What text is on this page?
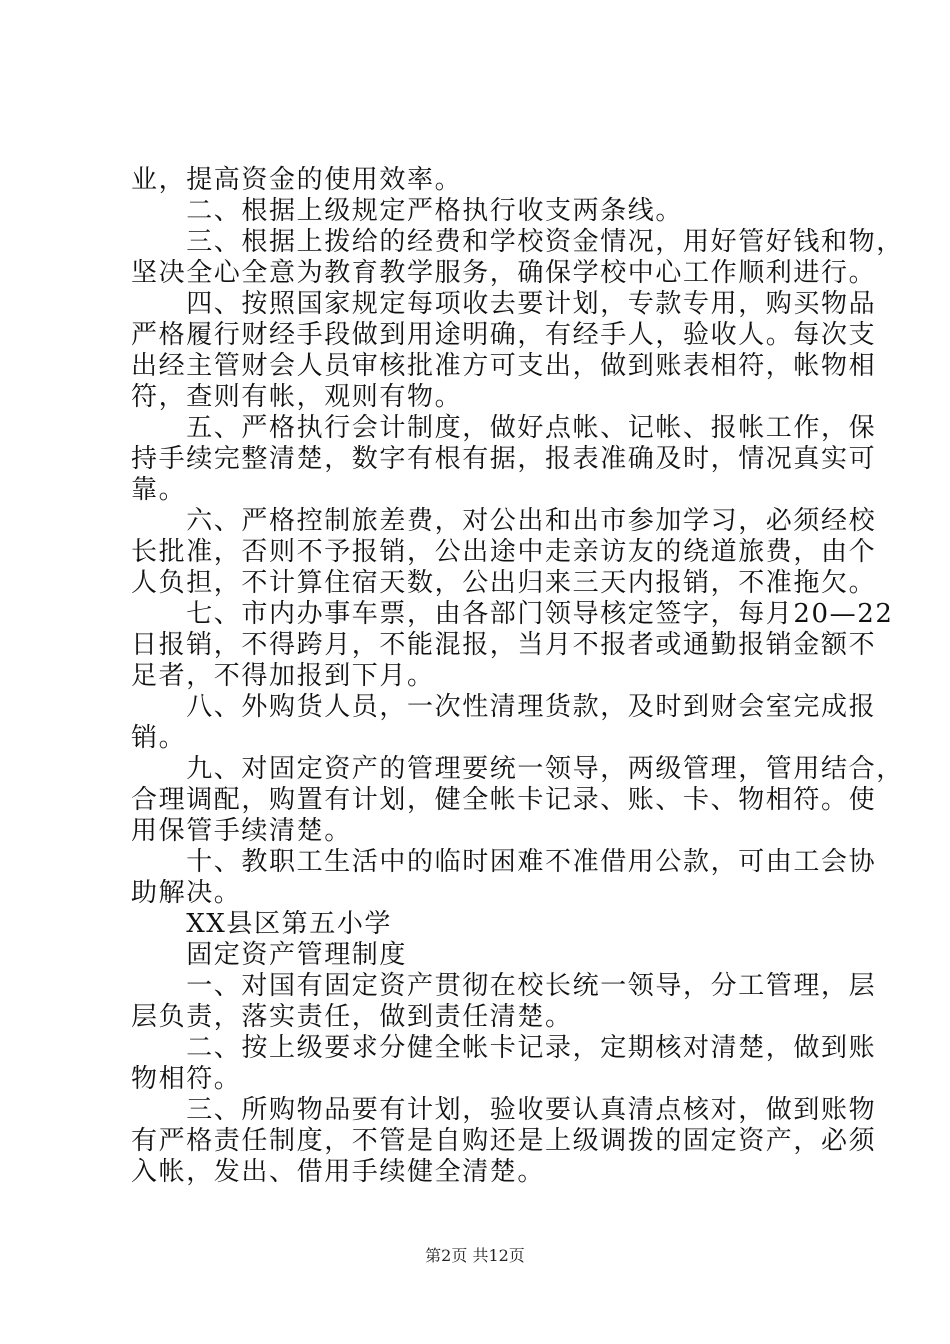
业，提高资金的使用效率。
　　二、根据上级规定严格执行收支两条线。
　　三、根据上拨给的经费和学校资金情况，用好管好钱和物，
坚决全心全意为教育教学服务，确保学校中心工作顺利进行。
　　四、按照国家规定每项收去要计划，专款专用，购买物品
严格履行财经手段做到用途明确，有经手人，验收人。每次支
出经主管财会人员审核批准方可支出，做到账表相符，帐物相
符，查则有帐，观则有物。
　　五、严格执行会计制度，做好点帐、记帐、报帐工作，保
持手续完整清楚，数字有根有据，报表准确及时，情况真实可
靠。
　　六、严格控制旅差费，对公出和出市参加学习，必须经校
长批准，否则不予报销，公出途中走亲访友的绕道旅费，由个
人负担，不计算住宿天数，公出归来三天内报销，不准拖欠。
　　七、市内办事车票，由各部门领导核定签字，每月20—22
日报销，不得跨月，不能混报，当月不报者或通勤报销金额不
足者，不得加报到下月。
　　八、外购货人员，一次性清理货款，及时到财会室完成报
销。
　　九、对固定资产的管理要统一领导，两级管理，管用结合，
合理调配，购置有计划，健全帐卡记录、账、卡、物相符。使
用保管手续清楚。
　　十、教职工生活中的临时困难不准借用公款，可由工会协
助解决。
　　XX县区第五小学
　　固定资产管理制度
　　一、对国有固定资产贯彻在校长统一领导，分工管理，层
层负责，落实责任，做到责任清楚。
　　二、按上级要求分健全帐卡记录，定期核对清楚，做到账
物相符。
　　三、所购物品要有计划，验收要认真清点核对，做到账物
有严格责任制度，不管是自购还是上级调拨的固定资产，必须
入帐，发出、借用手续健全清楚。
第2页 共12页
